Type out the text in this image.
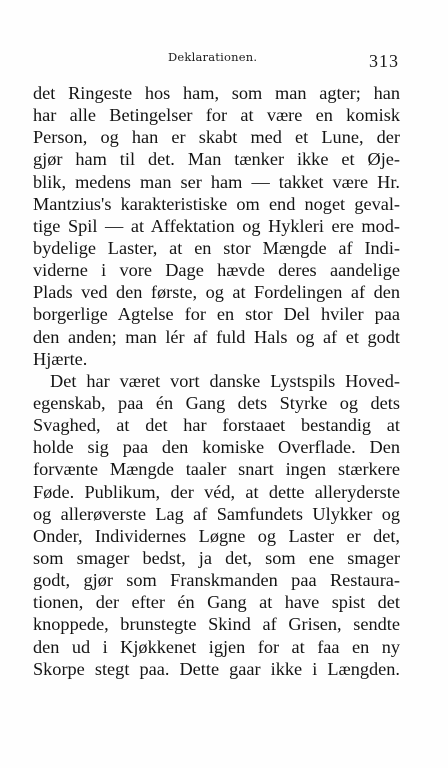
Deklarationen.	313
det Ringeste hos ham, som man agter; han
har alle Betingelser for at være en komisk
Person, og han er skabt med et Lune, der
gjør ham til det. Man tænker ikke et Øje-
blik, medens man ser ham — takket være Hr.
Mantzius's karakteristiske om end noget geval-
tige Spil — at Affektation og Hykleri ere mod-
bydelige Laster, at en stor Mængde af Indi-
viderne i vore Dage hævde deres aandelige
Plads ved den første, og at Fordelingen af den
borgerlige Agtelse for en stor Del hviler paa
den anden; man lér af fuld Hals og af et godt
Hjærte.
Det har været vort danske Lystspils Hoved-
egenskab, paa én Gang dets Styrke og dets
Svaghed, at det har forstaaet bestandig at
holde sig paa den komiske Overflade. Den
forvænte Mængde taaler snart ingen stærkere
Føde. Publikum, der véd, at dette alleryderste
og allerøverste Lag af Samfundets Ulykker og
Onder, Individernes Løgne og Laster er det,
som smager bedst, ja det, som ene smager
godt, gjør som Franskmanden paa Restaura-
tionen, der efter én Gang at have spist det
knoppede, brunstegte Skind af Grisen, sendte
den ud i Kjøkkenet igjen for at faa en ny
Skorpe stegt paa. Dette gaar ikke i Længden.
